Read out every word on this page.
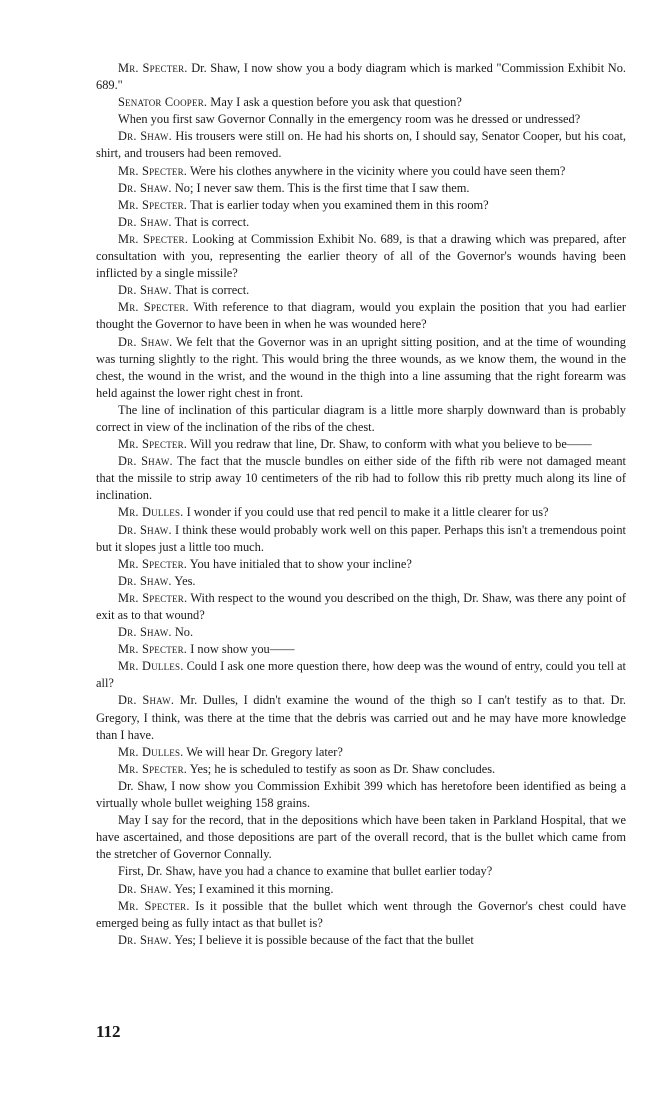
Mr. Specter. Dr. Shaw, I now show you a body diagram which is marked "Commission Exhibit No. 689."

Senator Cooper. May I ask a question before you ask that question?

When you first saw Governor Connally in the emergency room was he dressed or undressed?

Dr. Shaw. His trousers were still on. He had his shorts on, I should say, Senator Cooper, but his coat, shirt, and trousers had been removed.

Mr. Specter. Were his clothes anywhere in the vicinity where you could have seen them?

Dr. Shaw. No; I never saw them. This is the first time that I saw them.

Mr. Specter. That is earlier today when you examined them in this room?

Dr. Shaw. That is correct.

Mr. Specter. Looking at Commission Exhibit No. 689, is that a drawing which was prepared, after consultation with you, representing the earlier theory of all of the Governor's wounds having been inflicted by a single missile?

Dr. Shaw. That is correct.

Mr. Specter. With reference to that diagram, would you explain the position that you had earlier thought the Governor to have been in when he was wounded here?

Dr. Shaw. We felt that the Governor was in an upright sitting position, and at the time of wounding was turning slightly to the right. This would bring the three wounds, as we know them, the wound in the chest, the wound in the wrist, and the wound in the thigh into a line assuming that the right forearm was held against the lower right chest in front.

The line of inclination of this particular diagram is a little more sharply downward than is probably correct in view of the inclination of the ribs of the chest.

Mr. Specter. Will you redraw that line, Dr. Shaw, to conform with what you believe to be——

Dr. Shaw. The fact that the muscle bundles on either side of the fifth rib were not damaged meant that the missile to strip away 10 centimeters of the rib had to follow this rib pretty much along its line of inclination.

Mr. Dulles. I wonder if you could use that red pencil to make it a little clearer for us?

Dr. Shaw. I think these would probably work well on this paper. Perhaps this isn't a tremendous point but it slopes just a little too much.

Mr. Specter. You have initialed that to show your incline?

Dr. Shaw. Yes.

Mr. Specter. With respect to the wound you described on the thigh, Dr. Shaw, was there any point of exit as to that wound?

Dr. Shaw. No.

Mr. Specter. I now show you——

Mr. Dulles. Could I ask one more question there, how deep was the wound of entry, could you tell at all?

Dr. Shaw. Mr. Dulles, I didn't examine the wound of the thigh so I can't testify as to that. Dr. Gregory, I think, was there at the time that the debris was carried out and he may have more knowledge than I have.

Mr. Dulles. We will hear Dr. Gregory later?

Mr. Specter. Yes; he is scheduled to testify as soon as Dr. Shaw concludes.

Dr. Shaw, I now show you Commission Exhibit 399 which has heretofore been identified as being a virtually whole bullet weighing 158 grains.

May I say for the record, that in the depositions which have been taken in Parkland Hospital, that we have ascertained, and those depositions are part of the overall record, that is the bullet which came from the stretcher of Governor Connally.

First, Dr. Shaw, have you had a chance to examine that bullet earlier today?

Dr. Shaw. Yes; I examined it this morning.

Mr. Specter. Is it possible that the bullet which went through the Governor's chest could have emerged being as fully intact as that bullet is?

Dr. Shaw. Yes; I believe it is possible because of the fact that the bullet

112
